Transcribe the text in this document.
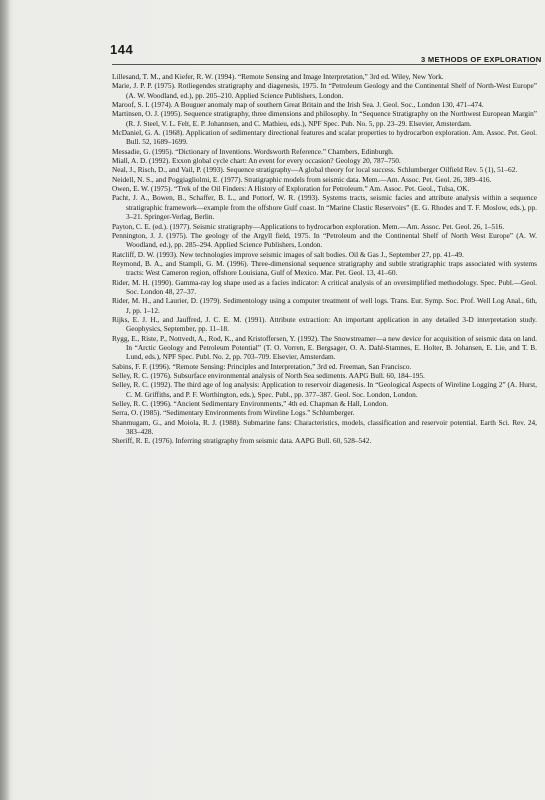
144
3 METHODS OF EXPLORATION
Lillesand, T. M., and Kiefer, R. W. (1994). “Remote Sensing and Image Interpretation,” 3rd ed. Wiley, New York.
Marie, J. P. P. (1975). Rotliegendes stratigraphy and diagenesis, 1975. In “Petroleum Geology and the Continental Shelf of North-West Europe” (A. W. Woodland, ed.), pp. 205–210. Applied Science Publishers, London.
Maroof, S. I. (1974). A Bouguer anomaly map of southern Great Britain and the Irish Sea. J. Geol. Soc., London 130, 471–474.
Martinsen, O. J. (1995). Sequence stratigraphy, three dimensions and philosophy. In “Sequence Stratigraphy on the Northwest European Margin” (R. J. Steel, V. L. Felt, E. P. Johannsen, and C. Mathieu, eds.), NPF Spec. Pub. No. 5, pp. 23–29. Elsevier, Amsterdam.
McDaniel, G. A. (1968). Application of sedimentary directional features and scalar properties to hydrocarbon exploration. Am. Assoc. Pet. Geol. Bull. 52, 1689–1699.
Messadie, G. (1995). “Dictionary of Inventions. Wordsworth Reference.” Chambers, Edinburgh.
Miall, A. D. (1992). Exxon global cycle chart: An event for every occasion? Geology 20, 787–750.
Neal, J., Risch, D., and Vail, P. (1993). Sequence stratigraphy—A global theory for local success. Schlumberger Oilfield Rev. 5 (1), 51–62.
Neidell, N. S., and Poggiagliolmi, E. (1977). Stratigraphic models from seismic data. Mem.—Am. Assoc. Pet. Geol. 26, 389–416.
Owen, E. W. (1975). “Trek of the Oil Finders: A History of Exploration for Petroleum.” Am. Assoc. Pet. Geol., Tulsa, OK.
Pacht, J. A., Bowen, B., Schaffer, B. L., and Pottorf, W. R. (1993). Systems tracts, seismic facies and attribute analysis within a sequence stratigraphic framework—example from the offshore Gulf coast. In “Marine Clastic Reservoirs” (E. G. Rhodes and T. F. Moslow, eds.), pp. 3–21. Springer-Verlag, Berlin.
Payton, C. E. (ed.). (1977). Seismic stratigraphy—Applications to hydrocarbon exploration. Mem.—Am. Assoc. Pet. Geol. 26, 1–516.
Pennington, J. J. (1975). The geology of the Argyll field, 1975. In “Petroleum and the Continental Shelf of North West Europe” (A. W. Woodland, ed.), pp. 285–294. Applied Science Publishers, London.
Ratcliff, D. W. (1993). New technologies improve seismic images of salt bodies. Oil & Gas J., September 27, pp. 41–49.
Reymond, B. A., and Stampli, G. M. (1996). Three-dimensional sequence stratigraphy and subtle stratigraphic traps associated with systems tracts: West Cameron region, offshore Louisiana, Gulf of Mexico. Mar. Pet. Geol. 13, 41–60.
Rider, M. H. (1990). Gamma-ray log shape used as a facies indicator: A critical analysis of an oversimplified methodology. Spec. Publ.—Geol. Soc. London 48, 27–37.
Rider, M. H., and Laurier, D. (1979). Sedimentology using a computer treatment of well logs. Trans. Eur. Symp. Soc. Prof. Well Log Anal., 6th, J, pp. 1–12.
Rijks, E. J. H., and Jauffred, J. C. E. M. (1991). Attribute extraction: An important application in any detailed 3-D interpretation study. Geophysics, September, pp. 11–18.
Rygg, E., Riste, P., Nottvedt, A., Rod, K., and Kristoffersen, Y. (1992). The Snowstreamer—a new device for acquisition of seismic data on land. In “Arctic Geology and Petroleum Potential” (T. O. Vorren, E. Bergsager, O. A. Dahl-Stamnes, E. Holter, B. Johansen, E. Lie, and T. B. Lund, eds.), NPF Spec. Publ. No. 2, pp. 703–709. Elsevier, Amsterdam.
Sabins, F. F. (1996). “Remote Sensing: Principles and Interpretation,” 3rd ed. Freeman, San Francisco.
Selley, R. C. (1976). Subsurface environmental analysis of North Sea sediments. AAPG Bull. 60, 184–195.
Selley, R. C. (1992). The third age of log analysis: Application to reservoir diagenesis. In “Geological Aspects of Wireline Logging 2” (A. Hurst, C. M. Griffiths, and P. F. Worthington, eds.), Spec. Publ., pp. 377–387. Geol. Soc. London, London.
Selley, R. C. (1996). “Ancient Sedimentary Environments,” 4th ed. Chapman & Hall, London.
Serra, O. (1985). “Sedimentary Environments from Wireline Logs.” Schlumberger.
Shanmugam, G., and Moiola, R. J. (1988). Submarine fans: Characteristics, models, classification and reservoir potential. Earth Sci. Rev. 24, 383–428.
Sheriff, R. E. (1976). Inferring stratigraphy from seismic data. AAPG Bull. 60, 528–542.
